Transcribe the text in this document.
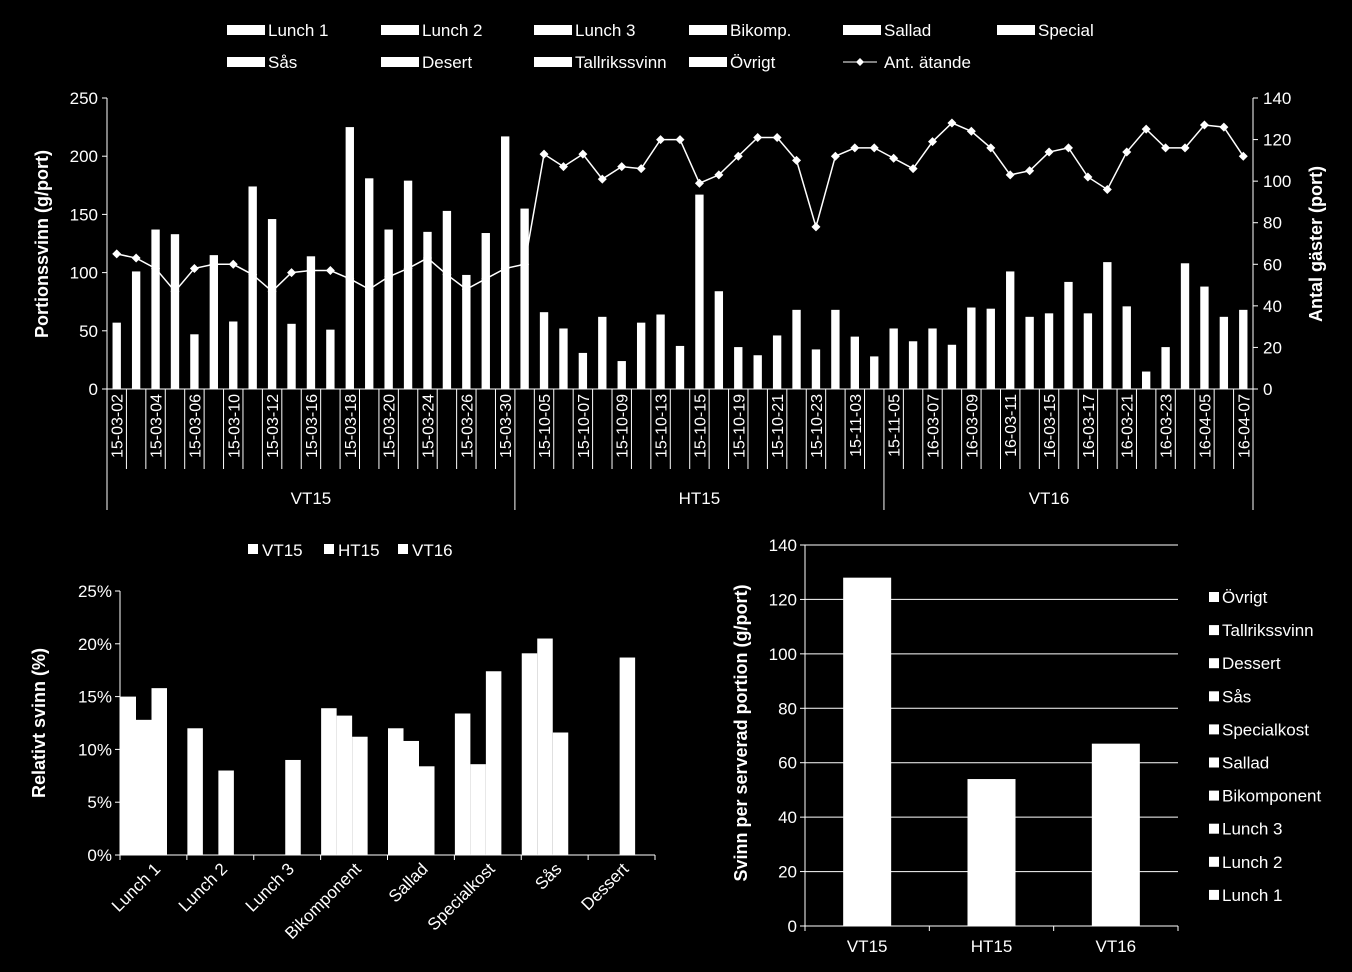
Lunch 1	Lunch 2	Lunch 3	Bikomp.	Sallad	Special
Sås	Desert	Tallrikssvinn	Övrigt	Ant. ätande
0
50
100
150
200
250
0
20
40
60
80
100
120
140
Portionssvinn (g/port)	Antal gäster (port)
15-03-02 15-03-04 15-03-06 15-03-10 15-03-12 15-03-16 15-03-18 15-03-20 15-03-24 15-03-26 15-03-30 15-10-05 15-10-07 15-10-09 15-10-13 15-10-15 15-10-19 15-10-21 15-10-23 15-11-03 15-11-05 16-03-07 16-03-09 16-03-11 16-03-15 16-03-17 16-03-21 16-03-23 16-04-05 16-04-07
VT15	HT15	VT16
VT15 HT15 VT16
0%
5%
10%
15%
20%
25%
Relativt svinn (%)
Lunch 1 Lunch 2 Lunch 3
Bikomponent Sallad
Specialkost Sås Dessert
0
20
40
60
80
100
120
140
Svinn per serverad portion (g/port)
VT15	HT15	VT16
Övrigt
Tallrikssvinn
Dessert
Sås
Specialkost
Sallad
Bikomponent
Lunch 3
Lunch 2
Lunch 1
